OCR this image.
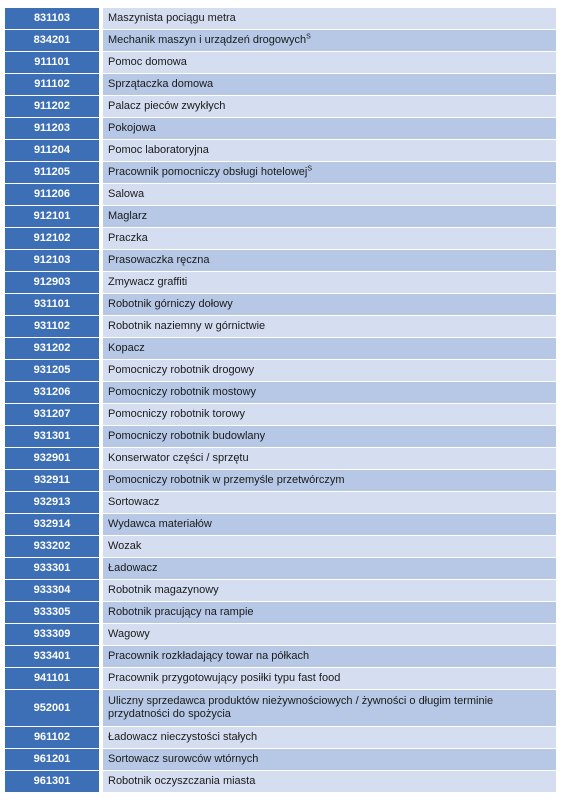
831103	Maszynista pociągu metra
834201	Mechanik maszyn i urządzeń drogowych$^S$
911101	Pomoc domowa
911102	Sprzątaczka domowa
911202	Palacz pieców zwykłych
911203	Pokojowa
911204	Pomoc laboratoryjna
911205	Pracownik pomocniczy obsługi hotelowej$^S$
911206	Salowa
912101	Maglarz
912102	Praczka
912103	Prasowaczka ręczna
912903	Zmywacz graffiti
931101	Robotnik górniczy dołowy
931102	Robotnik naziemny w górnictwie
931202	Kopacz
931205	Pomocniczy robotnik drogowy
931206	Pomocniczy robotnik mostowy
931207	Pomocniczy robotnik torowy
931301	Pomocniczy robotnik budowlany
932901	Konserwator części / sprzętu
932911	Pomocniczy robotnik w przemyśle przetwórczym
932913	Sortowacz
932914	Wydawca materiałów
933202	Wozak
933301	Ładowacz
933304	Robotnik magazynowy
933305	Robotnik pracujący na rampie
933309	Wagowy
933401	Pracownik rozkładający towar na półkach
941101	Pracownik przygotowujący posiłki typu fast food
952001	Uliczny sprzedawca produktów nieżywnościowych / żywności o długim terminie przydatności do spożycia
961102	Ładowacz nieczystości stałych
961201	Sortowacz surowców wtórnych
961301	Robotnik oczyszczania miasta
